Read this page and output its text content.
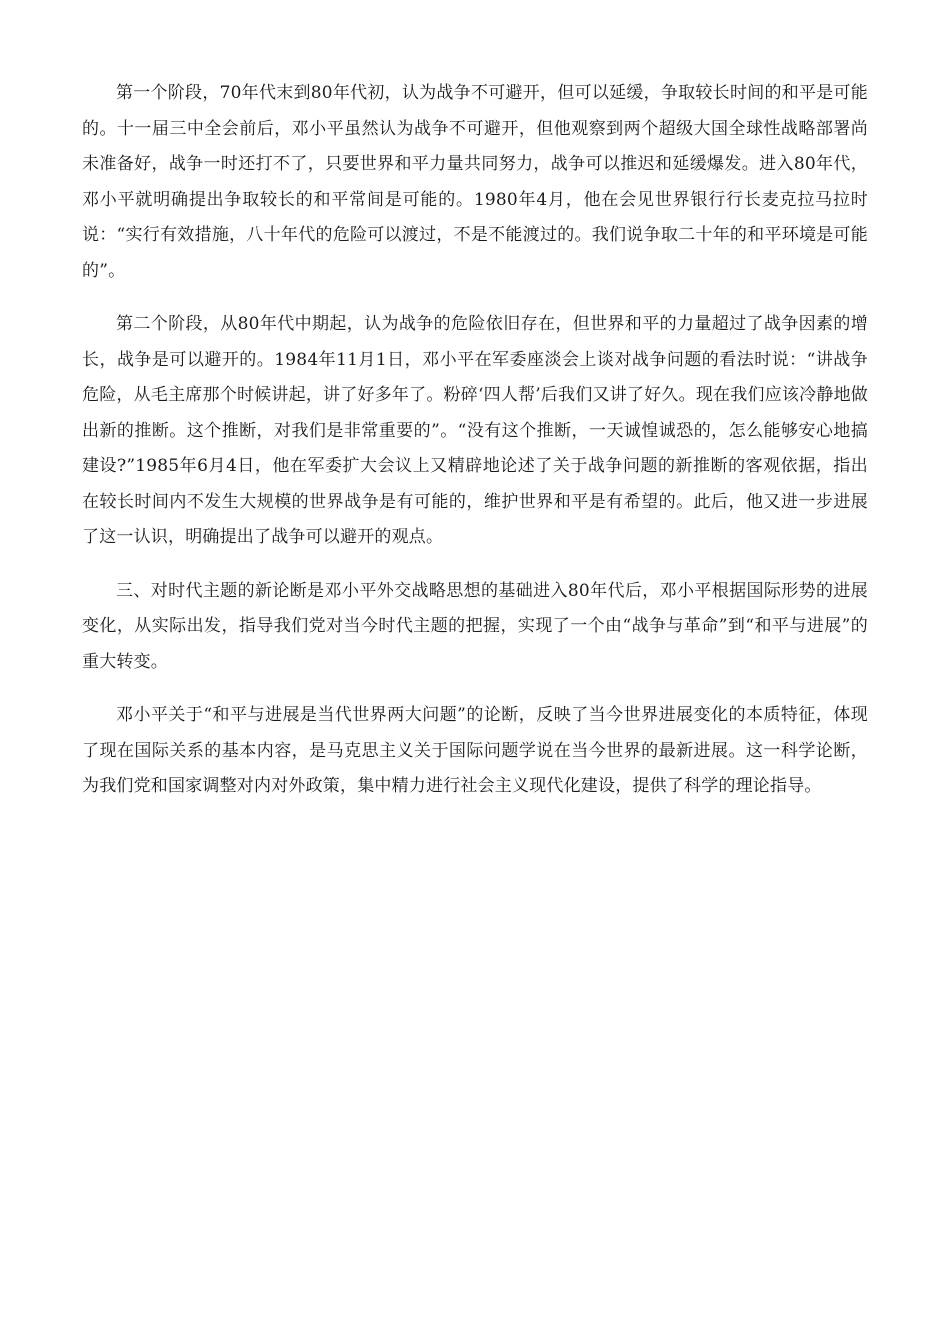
第一个阶段，70年代末到80年代初，认为战争不可避开，但可以延缓，争取较长时间的和平是可能的。十一届三中全会前后，邓小平虽然认为战争不可避开，但他观察到两个超级大国全球性战略部署尚未准备好，战争一时还打不了，只要世界和平力量共同努力，战争可以推迟和延缓爆发。进入80年代，邓小平就明确提出争取较长的和平常间是可能的。1980年4月，他在会见世界银行行长麦克拉马拉时说：“实行有效措施，八十年代的危险可以渡过，不是不能渡过的。我们说争取二十年的和平环境是可能的”。

第二个阶段，从80年代中期起，认为战争的危险依旧存在，但世界和平的力量超过了战争因素的增长，战争是可以避开的。1984年11月1日，邓小平在军委座淡会上谈对战争问题的看法时说：“讲战争危险，从毛主席那个时候讲起，讲了好多年了。粉碎‘四人帮’后我们又讲了好久。现在我们应该冷静地做出新的推断。这个推断，对我们是非常重要的”。“没有这个推断，一天诚惶诚恐的，怎么能够安心地搞建设?”1985年6月4日，他在军委扩大会议上又精辟地论述了关于战争问题的新推断的客观依据，指出在较长时间内不发生大规模的世界战争是有可能的，维护世界和平是有希望的。此后，他又进一步进展了这一认识，明确提出了战争可以避开的观点。

三、对时代主题的新论断是邓小平外交战略思想的基础进入80年代后，邓小平根据国际形势的进展变化，从实际出发，指导我们党对当今时代主题的把握，实现了一个由“战争与革命”到“和平与进展”的重大转变。

邓小平关于“和平与进展是当代世界两大问题”的论断，反映了当今世界进展变化的本质特征，体现了现在国际关系的基本内容，是马克思主义关于国际问题学说在当今世界的最新进展。这一科学论断，为我们党和国家调整对内对外政策，集中精力进行社会主义现代化建设，提供了科学的理论指导。
